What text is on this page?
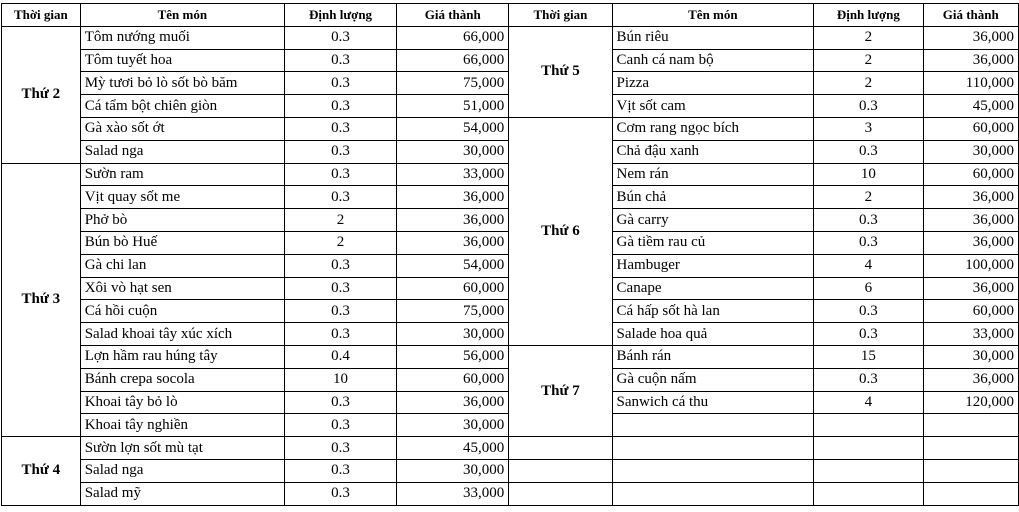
Thời gian	Tên món	Định lượng	Giá thành	Thời gian	Tên món	Định lượng	Giá thành
Thứ 2	Tôm nướng muối	0.3	66,000	Thứ 5	Bún riêu	2	36,000
	Tôm tuyết hoa	0.3	66,000		Canh cá nam bộ	2	36,000
	Mỳ tươi bỏ lò sốt bò băm	0.3	75,000		Pizza	2	110,000
	Cá tẩm bột chiên giòn	0.3	51,000		Vịt sốt cam	0.3	45,000
	Gà xào sốt ớt	0.3	54,000	Thứ 6	Cơm rang ngọc bích	3	60,000
	Salad nga	0.3	30,000		Chả đậu xanh	0.3	30,000
Thứ 3	Sườn ram	0.3	33,000		Nem rán	10	60,000
	Vịt quay sốt me	0.3	36,000		Bún chả	2	36,000
	Phở bò	2	36,000		Gà carry	0.3	36,000
	Bún bò Huế	2	36,000		Gà tiềm rau củ	0.3	36,000
	Gà chi lan	0.3	54,000		Hambuger	4	100,000
	Xôi vò hạt sen	0.3	60,000		Canape	6	36,000
	Cá hồi cuộn	0.3	75,000		Cá hấp sốt hà lan	0.3	60,000
	Salad khoai tây xúc xích	0.3	30,000		Salade hoa quả	0.3	33,000
	Lợn hầm rau húng tây	0.4	56,000	Thứ 7	Bánh rán	15	30,000
	Bánh crepa socola	10	60,000		Gà cuộn nấm	0.3	36,000
	Khoai tây bỏ lò	0.3	36,000		Sanwich cá thu	4	120,000
	Khoai tây nghiền	0.3	30,000				
Thứ 4	Sườn lợn sốt mù tạt	0.3	45,000				
	Salad nga	0.3	30,000				
	Salad mỹ	0.3	33,000				
